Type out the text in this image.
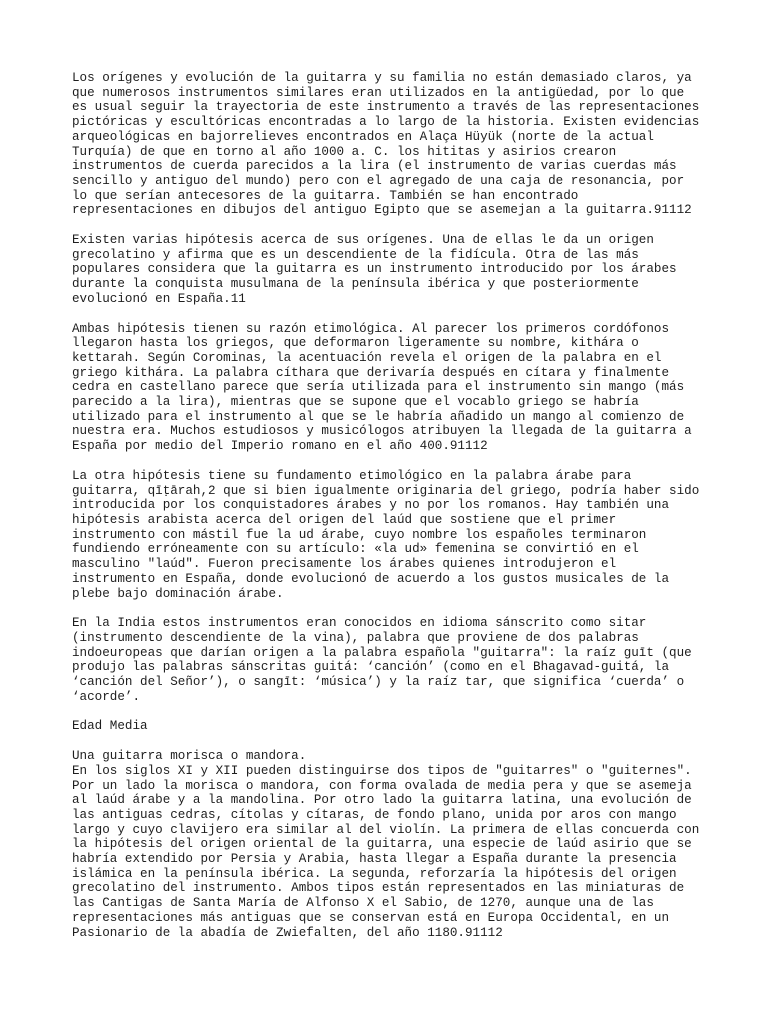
Los orígenes y evolución de la guitarra y su familia no están demasiado claros, ya
que numerosos instrumentos similares eran utilizados en la antigüedad, por lo que
es usual seguir la trayectoria de este instrumento a través de las representaciones
pictóricas y escultóricas encontradas a lo largo de la historia. Existen evidencias
arqueológicas en bajorrelieves encontrados en Alaça Hüyük (norte de la actual
Turquía) de que en torno al año 1000 a. C. los hititas y asirios crearon
instrumentos de cuerda parecidos a la lira (el instrumento de varias cuerdas más
sencillo y antiguo del mundo) pero con el agregado de una caja de resonancia, por
lo que serían antecesores de la guitarra. También se han encontrado
representaciones en dibujos del antiguo Egipto que se asemejan a la guitarra.91112

Existen varias hipótesis acerca de sus orígenes. Una de ellas le da un origen
grecolatino y afirma que es un descendiente de la fidícula. Otra de las más
populares considera que la guitarra es un instrumento introducido por los árabes
durante la conquista musulmana de la península ibérica y que posteriormente
evolucionó en España.11

Ambas hipótesis tienen su razón etimológica. Al parecer los primeros cordófonos
llegaron hasta los griegos, que deformaron ligeramente su nombre, kithára o
kettarah. Según Corominas, la acentuación revela el origen de la palabra en el
griego kithára. La palabra cíthara que derivaría después en cítara y finalmente
cedra en castellano parece que sería utilizada para el instrumento sin mango (más
parecido a la lira), mientras que se supone que el vocablo griego se habría
utilizado para el instrumento al que se le habría añadido un mango al comienzo de
nuestra era. Muchos estudiosos y musicólogos atribuyen la llegada de la guitarra a
España por medio del Imperio romano en el año 400.91112

La otra hipótesis tiene su fundamento etimológico en la palabra árabe para
guitarra, qīṭārah,2 que si bien igualmente originaria del griego, podría haber sido
introducida por los conquistadores árabes y no por los romanos. Hay también una
hipótesis arabista acerca del origen del laúd que sostiene que el primer
instrumento con mástil fue la ud árabe, cuyo nombre los españoles terminaron
fundiendo erróneamente con su artículo: «la ud» femenina se convirtió en el
masculino "laúd". Fueron precisamente los árabes quienes introdujeron el
instrumento en España, donde evolucionó de acuerdo a los gustos musicales de la
plebe bajo dominación árabe.

En la India estos instrumentos eran conocidos en idioma sánscrito como sitar
(instrumento descendiente de la vina), palabra que proviene de dos palabras
indoeuropeas que darían origen a la palabra española "guitarra": la raíz guīt (que
produjo las palabras sánscritas guitá: ‘canción’ (como en el Bhagavad-guitá, la
‘canción del Señor’), o sangīt: ‘música’) y la raíz tar, que significa ‘cuerda’ o
‘acorde’.

Edad Media

Una guitarra morisca o mandora.

En los siglos XI y XII pueden distinguirse dos tipos de "guitarres" o "guiternes".
Por un lado la morisca o mandora, con forma ovalada de media pera y que se asemeja
al laúd árabe y a la mandolina. Por otro lado la guitarra latina, una evolución de
las antiguas cedras, cítolas y cítaras, de fondo plano, unida por aros con mango
largo y cuyo clavijero era similar al del violín. La primera de ellas concuerda con
la hipótesis del origen oriental de la guitarra, una especie de laúd asirio que se
habría extendido por Persia y Arabia, hasta llegar a España durante la presencia
islámica en la península ibérica. La segunda, reforzaría la hipótesis del origen
grecolatino del instrumento. Ambos tipos están representados en las miniaturas de
las Cantigas de Santa María de Alfonso X el Sabio, de 1270, aunque una de las
representaciones más antiguas que se conservan está en Europa Occidental, en un
Pasionario de la abadía de Zwiefalten, del año 1180.91112
